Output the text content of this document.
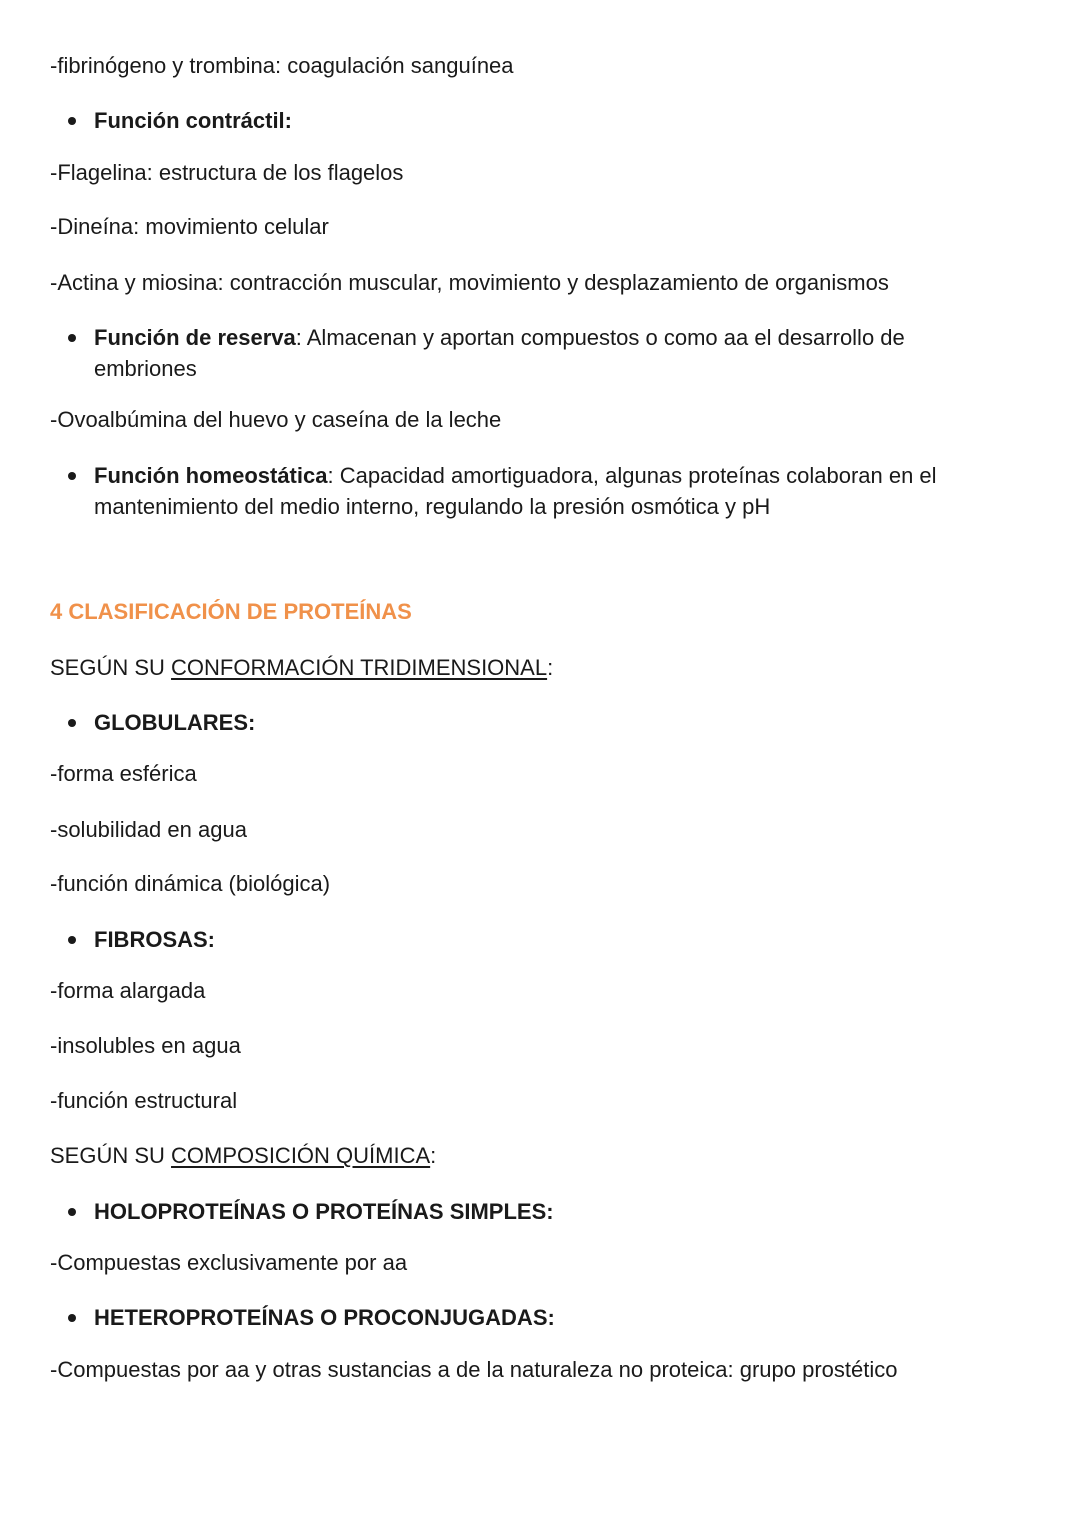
-fibrinógeno y trombina: coagulación sanguínea
Función contráctil:
-Flagelina: estructura de los flagelos
-Dineína: movimiento celular
-Actina y miosina: contracción muscular, movimiento y desplazamiento de organismos
Función de reserva: Almacenan y aportan compuestos o como aa el desarrollo de embriones
-Ovoalbúmina del huevo y caseína de la leche
Función homeostática: Capacidad amortiguadora, algunas proteínas colaboran en el mantenimiento del medio interno, regulando la presión osmótica y pH
4 CLASIFICACIÓN DE PROTEÍNAS
SEGÚN SU CONFORMACIÓN TRIDIMENSIONAL:
GLOBULARES:
-forma esférica
-solubilidad en agua
-función dinámica (biológica)
FIBROSAS:
-forma alargada
-insolubles en agua
-función estructural
SEGÚN SU COMPOSICIÓN QUÍMICA:
HOLOPROTEÍNAS O PROTEÍNAS SIMPLES:
-Compuestas exclusivamente por aa
HETEROPROTEÍNAS O PROCONJUGADAS:
-Compuestas por aa y otras sustancias a de la naturaleza no proteica: grupo prostético
